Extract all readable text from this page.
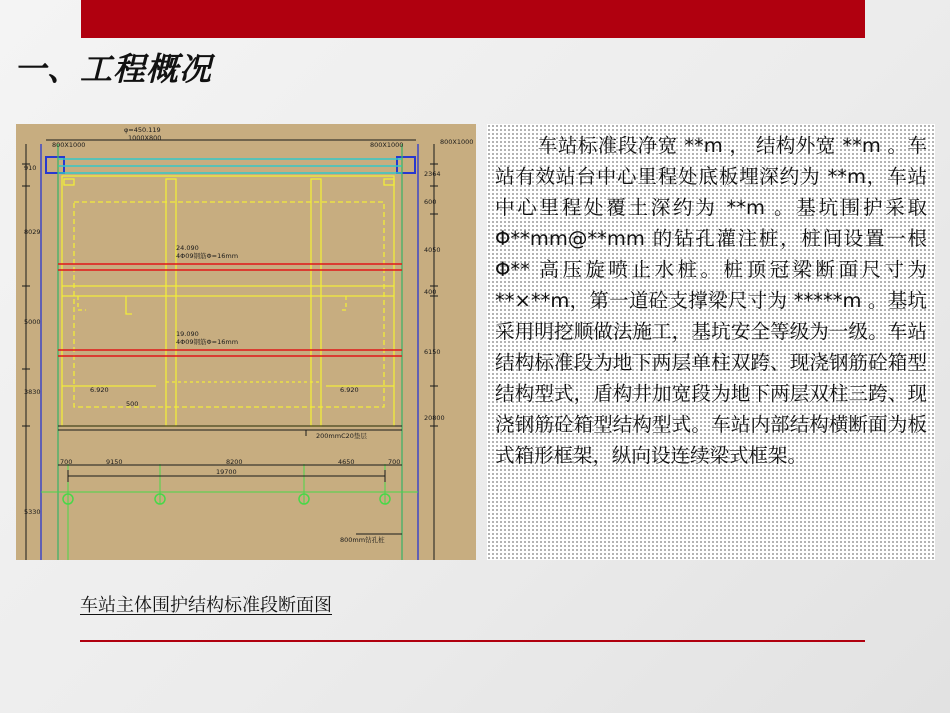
一、工程概况
800X1000	800X1000
φ=450.119
1000X800	800X1000
24.090
4Φ09钢筋Φ=16mm
19.090
4Φ09钢筋Φ=16mm
6.920	6.920
500
200mmC20垫层
700	9150	8200	4650	700
19700
800mm钻孔桩
910
8029
5000
3830
5330
2364
600
4050
400
6150
20800

车站标准段净宽 **m ， 结构外宽 **m 。车站有效站台中心里程处底板埋深约为 **m，车站中心里程处覆土深约为 **m 。基坑围护采取 Φ**mm@**mm 的钻孔灌注桩，桩间设置一根 Φ** 高压旋喷止水桩。桩顶冠梁断面尺寸为 **×**m，第一道砼支撑梁尺寸为 *****m 。基坑采用明挖顺做法施工，基坑安全等级为一级。车站结构标准段为地下两层单柱双跨、现浇钢筋砼箱型结构型式，盾构井加宽段为地下两层双柱三跨、现浇钢筋砼箱型结构型式。车站内部结构横断面为板式箱形框架，纵向设连续梁式框架。

车站主体围护结构标准段断面图
